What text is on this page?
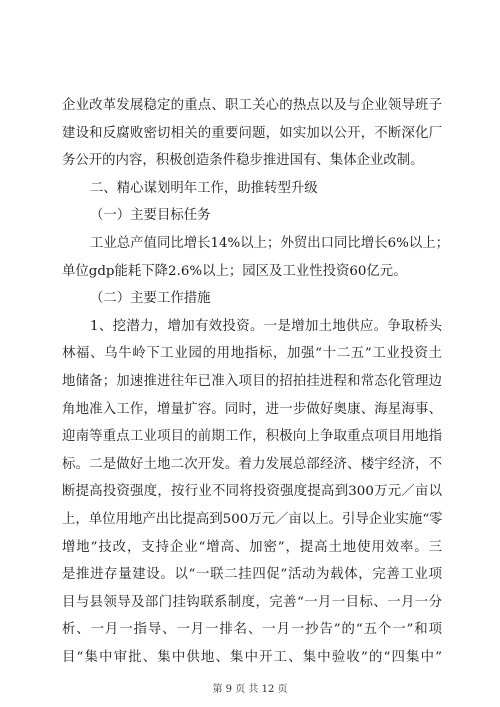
企业改革发展稳定的重点、职工关心的热点以及与企业领导班子

建设和反腐败密切相关的重要问题，如实加以公开，不断深化厂

务公开的内容，积极创造条件稳步推进国有、集体企业改制。

二、精心谋划明年工作，助推转型升级

（一）主要目标任务

工业总产值同比增长14%以上；外贸出口同比增长6%以上；

单位gdp能耗下降2.6%以上；园区及工业性投资60亿元。

（二）主要工作措施

1、挖潜力，增加有效投资。一是增加土地供应。争取桥头

林福、乌牛岭下工业园的用地指标，加强“十二五”工业投资土

地储备；加速推进往年已准入项目的招拍挂进程和常态化管理边

角地准入工作，增量扩容。同时，进一步做好奥康、海星海事、

迎南等重点工业项目的前期工作，积极向上争取重点项目用地指

标。二是做好土地二次开发。着力发展总部经济、楼宇经济，不

断提高投资强度，按行业不同将投资强度提高到300万元／亩以

上，单位用地产出比提高到500万元／亩以上。引导企业实施“零

增地”技改，支持企业“增高、加密”，提高土地使用效率。三

是推进存量建设。以“一联二挂四促”活动为载体，完善工业项

目与县领导及部门挂钩联系制度，完善“一月一目标、一月一分

析、一月一指导、一月一排名、一月一抄告”的“五个一”和项

目“集中审批、集中供地、集中开工、集中验收”的“四集中”

第 9 页 共 12 页
